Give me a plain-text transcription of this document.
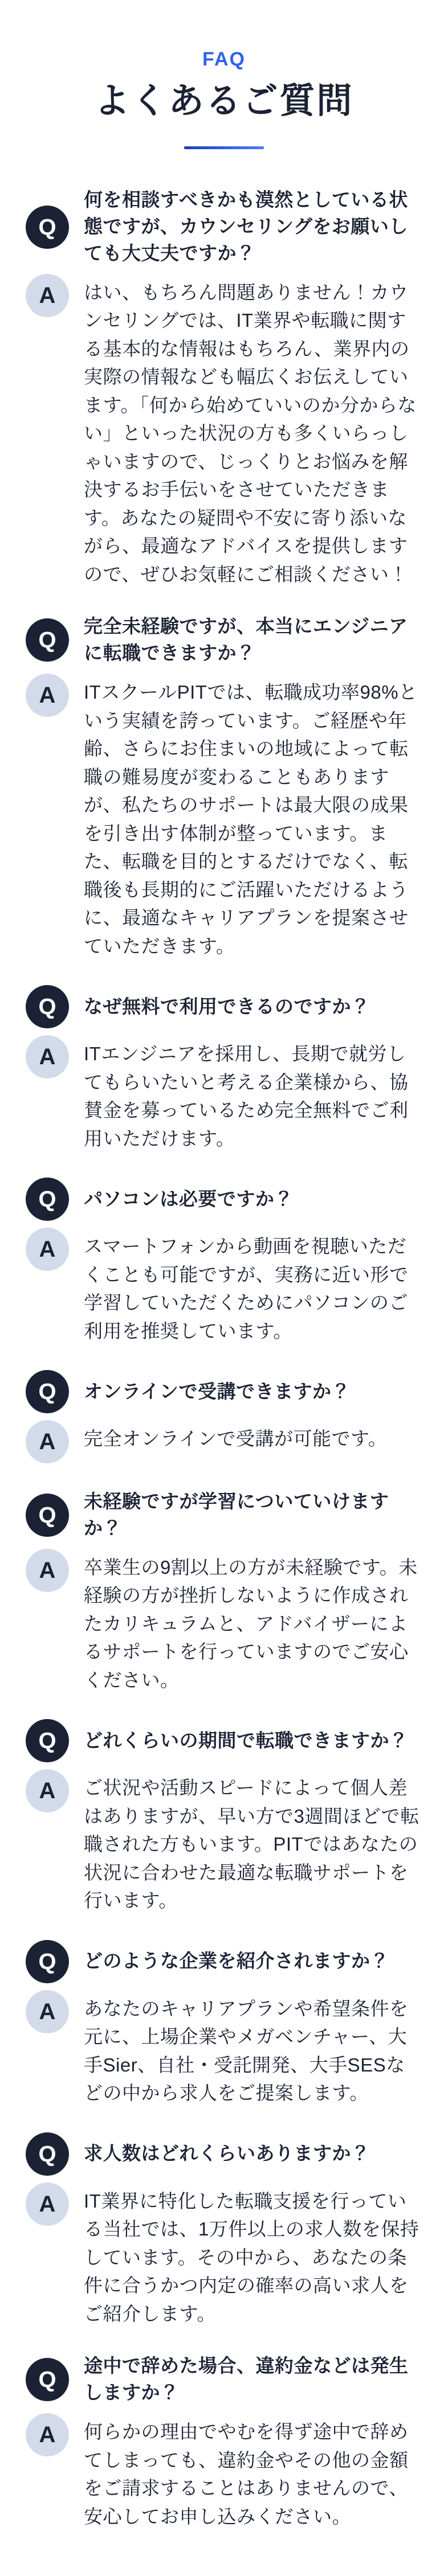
FAQ
よくあるご質問
Q
何を相談すべきかも漠然としている状態ですが、カウンセリングをお願いしても大丈夫ですか？
A	はい、もちろん問題ありません！カウンセリングでは、IT業界や転職に関する基本的な情報はもちろん、業界内の実際の情報なども幅広くお伝えしています。「何から始めていいのか分からない」といった状況の方も多くいらっしゃいますので、じっくりとお悩みを解決するお手伝いをさせていただきます。あなたの疑問や不安に寄り添いながら、最適なアドバイスを提供しますので、ぜひお気軽にご相談ください！
Q
完全未経験ですが、本当にエンジニアに転職できますか？
A	ITスクールPITでは、転職成功率98%という実績を誇っています。ご経歴や年齢、さらにお住まいの地域によって転職の難易度が変わることもありますが、私たちのサポートは最大限の成果を引き出す体制が整っています。また、転職を目的とするだけでなく、転職後も長期的にご活躍いただけるように、最適なキャリアプランを提案させていただきます。
Q	なぜ無料で利用できるのですか？
A	ITエンジニアを採用し、長期で就労してもらいたいと考える企業様から、協賛金を募っているため完全無料でご利用いただけます。
Q	パソコンは必要ですか？
A	スマートフォンから動画を視聴いただくことも可能ですが、実務に近い形で学習していただくためにパソコンのご利用を推奨しています。
Q	オンラインで受講できますか？
A	完全オンラインで受講が可能です。
Q
未経験ですが学習についていけますか？
A	卒業生の9割以上の方が未経験です。未経験の方が挫折しないように作成されたカリキュラムと、アドバイザーによるサポートを行っていますのでご安心ください。
Q	どれくらいの期間で転職できますか？
A	ご状況や活動スピードによって個人差はありますが、早い方で3週間ほどで転職された方もいます。PITではあなたの状況に合わせた最適な転職サポートを行います。
Q	どのような企業を紹介されますか？
A	あなたのキャリアプランや希望条件を元に、上場企業やメガベンチャー、大手Sier、自社・受託開発、大手SESなどの中から求人をご提案します。
Q	求人数はどれくらいありますか？
A	IT業界に特化した転職支援を行っている当社では、1万件以上の求人数を保持しています。その中から、あなたの条件に合うかつ内定の確率の高い求人をご紹介します。
Q
途中で辞めた場合、違約金などは発生しますか？
A	何らかの理由でやむを得ず途中で辞めてしまっても、違約金やその他の金額をご請求することはありませんので、安心してお申し込みください。
